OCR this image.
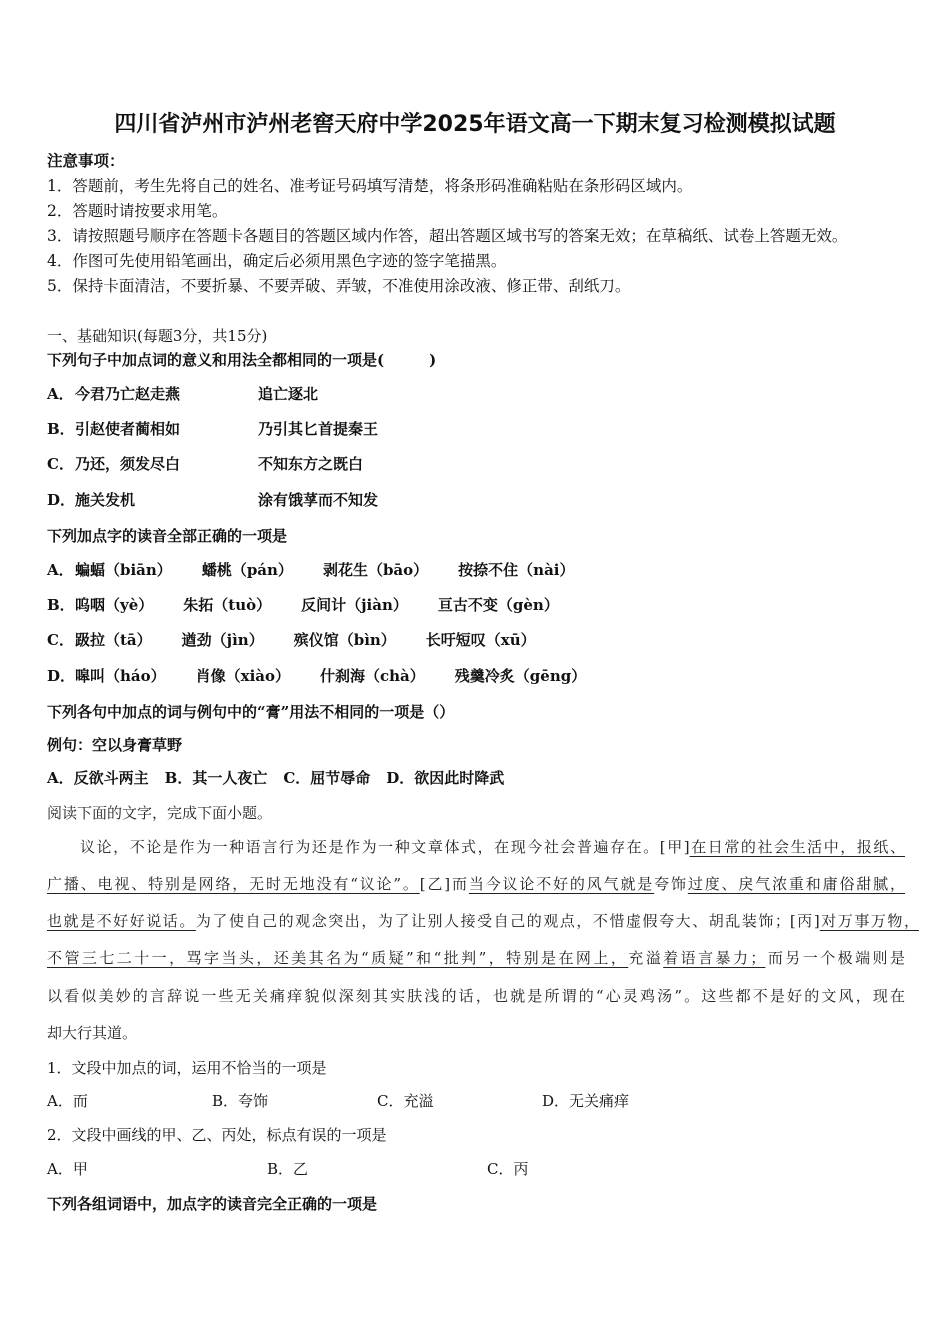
四川省泸州市泸州老窖天府中学2025年语文高一下期末复习检测模拟试题
注意事项：
1．答题前，考生先将自己的姓名、准考证号码填写清楚，将条形码准确粘贴在条形码区域内。
2．答题时请按要求用笔。
3．请按照题号顺序在答题卡各题目的答题区域内作答，超出答题区域书写的答案无效；在草稿纸、试卷上答题无效。
4．作图可先使用铅笔画出，确定后必须用黑色字迹的签字笔描黑。
5．保持卡面清洁，不要折暴、不要弄破、弄皱，不准使用涂改液、修正带、刮纸刀。
一、基础知识(每题3分，共15分)
下列句子中加点词的意义和用法全都相同的一项是(　　　)
A．今君乃亡赵走燕	追亡逐北
B．引赵使者蔺相如	乃引其匕首提秦王
C．乃还，须发尽白	不知东方之既白
D．施关发机	涂有饿莩而不知发
下列加点字的读音全部正确的一项是
A．蝙蝠（biān） 蟠桃（pán） 剥花生（bāo） 按捺不住（nài）
B．呜咽（yè） 朱拓（tuò） 反间计（jiàn） 亘古不变（gèn）
C．趿拉（tā） 遒劲（jìn） 殡仪馆（bìn） 长吁短叹（xū）
D．嗥叫（háo） 肖像（xiào） 什刹海（chà） 残羹冷炙（gēng）
下列各句中加点的词与例句中的“膏”用法不相同的一项是（）
例句：空以身膏草野
A．反欲斗两主 B．其一人夜亡 C．屈节辱命 D．欲因此时降武
阅读下面的文字，完成下面小题。
议论，不论是作为一种语言行为还是作为一种文章体式，在现今社会普遍存在。[甲]在日常的社会生活中，报纸、
广播、电视、特别是网络，无时无地没有“议论”。[乙]而当今议论不好的风气就是夸饰过度、戾气浓重和庸俗甜腻，
也就是不好好说话。为了使自己的观念突出，为了让别人接受自己的观点，不惜虚假夸大、胡乱装饰；[丙]对万事万物，
不管三七二十一，骂字当头，还美其名为“质疑”和“批判”，特别是在网上，充溢着语言暴力；而另一个极端则是
以看似美妙的言辞说一些无关痛痒貌似深刻其实肤浅的话，也就是所谓的“心灵鸡汤”。这些都不是好的文风，现在
却大行其道。
1．文段中加点的词，运用不恰当的一项是
A．而	B．夸饰	C．充溢	D．无关痛痒
2．文段中画线的甲、乙、丙处，标点有误的一项是
A．甲	B．乙	C．丙
下列各组词语中，加点字的读音完全正确的一项是
